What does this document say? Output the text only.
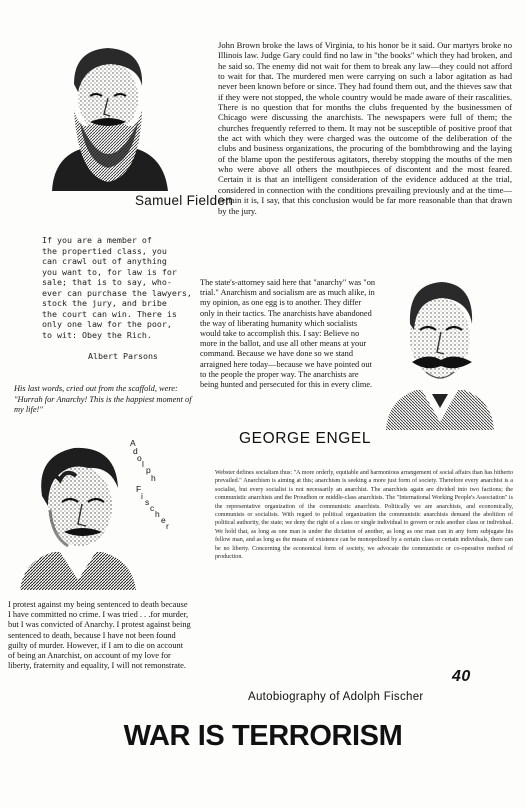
Samuel Fielden

John Brown broke the laws of Virginia, to his honor be it said. Our martyrs broke no Illinois law. Judge Gary could find no law in "the books" which they had broken, and he said so. The enemy did not wait for them to break any law—they could not afford to wait for that. The murdered men were carrying on such a labor agitation as had never been known before or since. They had found them out, and the thieves saw that if they were not stopped, the whole country would be made aware of their rascalities. There is no question that for months the clubs frequented by the businessmen of Chicago were discussing the anarchists. The newspapers were full of them; the churches frequently referred to them. It may not be susceptible of positive proof that the act with which they were charged was the outcome of the deliberation of the clubs and business organizations, the procuring of the bombthrowing and the laying of the blame upon the pestiferous agitators, thereby stopping the mouths of the men who were above all others the mouthpieces of discontent and the most feared. Certain it is that an intelligent consideration of the evidence adduced at the trial, considered in connection with the conditions prevailing previously and at the time—certain it is, I say, that this conclusion would be far more reasonable than that drawn by the jury.

If you are a member of
the propertied class, you
can crawl out of anything
you want to, for law is for
sale; that is to say, who-
ever can purchase the lawyers,
stock the jury, and bribe
the court can win. There is
only one law for the poor,
to wit: Obey the Rich.
Albert Parsons

His last words, cried out from the scaffold, were: "Hurrah for Anarchy! This is the happiest moment of my life!"

The state's-attorney said here that "anarchy" was "on trial." Anarchism and socialism are as much alike, in my opinion, as one egg is to another. They differ only in their tactics. The anarchists have abandoned the way of liberating humanity which socialists would take to accomplish this. I say: Believe no more in the ballot, and use all other means at your command. Because we have done so we stand arraigned here today—because we have pointed out to the people the proper way. The anarchists are being hunted and persecuted for this in every clime.

GEORGE ENGEL
A
d
o
l
p
h
F
i
s
c
h
e
r

Webster defines socialism thus: "A more orderly, equitable and harmonious arrangement of social affairs than has hitherto prevailed." Anarchism is aiming at this; anarchism is seeking a more just form of society. Therefore every anarchist is a socialist, but every socialist is not necessarily an anarchist. The anarchists again are divided into two factions; the communistic anarchists and the Proudhon or middle-class anarchists. The "International Working People's Association" is the representative organization of the communistic anarchists. Politically we are anarchists, and economically, communists or socialists. With regard to political organization the communistic anarchists demand the abolition of political authority, the state; we deny the right of a class or single individual to govern or rule another class or individual. We hold that, as long as one man is under the dictation of another, as long as one man can in any form subjugate his fellow man, and as long as the means of existence can be monopolized by a certain class or certain individuals, there can be no liberty. Concerning the economical form of society, we advocate the communistic or co-operative method of production.

I protest against my being sentenced to death because I have committed no crime. I was tried . . .for murder, but I was convicted of Anarchy. I protest against being sentenced to death, because I have not been found guilty of murder. However, if I am to die on account of being an Anarchist, on account of my love for liberty, fraternity and equality, I will not remonstrate.

Autobiography of Adolph Fischer
40
WAR IS TERRORISM
